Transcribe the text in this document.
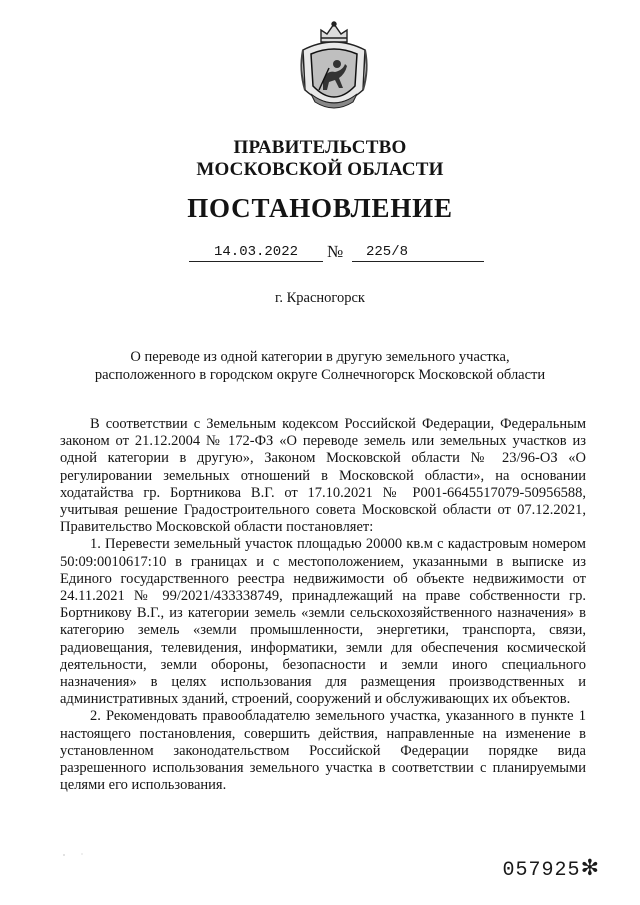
ПРАВИТЕЛЬСТВО
МОСКОВСКОЙ ОБЛАСТИ
ПОСТАНОВЛЕНИЕ
14.03.2022	№	225/8
г. Красногорск
О переводе из одной категории в другую земельного участка,
расположенного в городском округе Солнечногорск Московской области

В соответствии с Земельным кодексом Российской Федерации, Федеральным законом от 21.12.2004 № 172-ФЗ «О переводе земель или земельных участков из одной категории в другую», Законом Московской области № 23/96-ОЗ «О регулировании земельных отношений в Московской области», на основании ходатайства гр. Бортникова В.Г. от 17.10.2021 № Р001-6645517079-50956588, учитывая решение Градостроительного совета Московской области от 07.12.2021, Правительство Московской области постановляет:

1. Перевести земельный участок площадью 20000 кв.м с кадастровым номером 50:09:0010617:10 в границах и с местоположением, указанными в выписке из Единого государственного реестра недвижимости об объекте недвижимости от 24.11.2021 № 99/2021/433338749, принадлежащий на праве собственности гр. Бортникову В.Г., из категории земель «земли сельскохозяйственного назначения» в категорию земель «земли промышленности, энергетики, транспорта, связи, радиовещания, телевидения, информатики, земли для обеспечения космической деятельности, земли обороны, безопасности и земли иного специального назначения» в целях использования для размещения производственных и административных зданий, строений, сооружений и обслуживающих их объектов.

2. Рекомендовать правообладателю земельного участка, указанного в пункте 1 настоящего постановления, совершить действия, направленные на изменение в установленном законодательством Российской Федерации порядке вида разрешенного использования земельного участка в соответствии с планируемыми целями его использования.

057925✻
